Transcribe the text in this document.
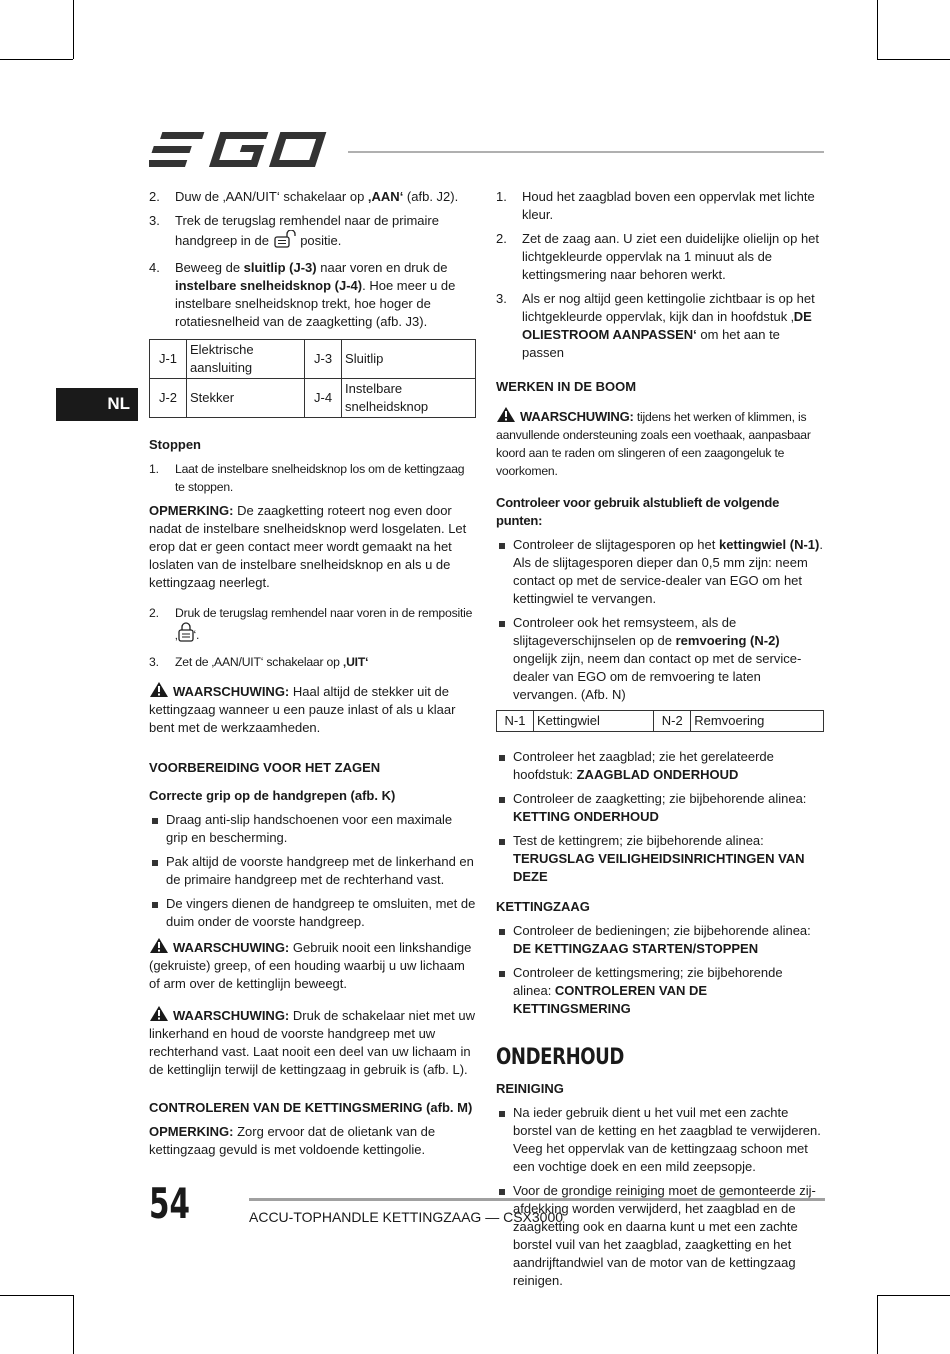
NL
2. Duw de ‚AAN/UIT‘ schakelaar op ‚AAN‘ (afb. J2).
3. Trek de terugslag remhendel naar de primaire handgreep in de  positie.
4. Beweeg de sluitlip (J-3) naar voren en druk de instelbare snelheidsknop (J-4). Hoe meer u de instelbare snelheidsknop trekt, hoe hoger de rotatiesnelheid van de zaagketting (afb. J3).
J-1	Elektrische aansluiting	J-3	Sluitlip
J-2	Stekker	J-4	Instelbare snelheidsknop
Stoppen
1. Laat de instelbare snelheidsknop los om de kettingzaag te stoppen.
OPMERKING: De zaagketting roteert nog even door nadat de instelbare snelheidsknop werd losgelaten. Let erop dat er geen contact meer wordt gemaakt na het loslaten van de instelbare snelheidsknop en als u de kettingzaag neerlegt.
2. Druk de terugslag remhendel naar voren in de rempositie ‚ ‘.
3. Zet de ‚AAN/UIT‘ schakelaar op ‚UIT‘
WAARSCHUWING: Haal altijd de stekker uit de kettingzaag wanneer u een pauze inlast of als u klaar bent met de werkzaamheden.
VOORBEREIDING VOOR HET ZAGEN
Correcte grip op de handgrepen (afb. K)
Draag anti-slip handschoenen voor een maximale grip en bescherming.
Pak altijd de voorste handgreep met de linkerhand en de primaire handgreep met de rechterhand vast.
De vingers dienen de handgreep te omsluiten, met de duim onder de voorste handgreep.
WAARSCHUWING: Gebruik nooit een linkshandige (gekruiste) greep, of een houding waarbij u uw lichaam of arm over de kettinglijn beweegt.
WAARSCHUWING: Druk de schakelaar niet met uw linkerhand en houd de voorste handgreep met uw rechterhand vast. Laat nooit een deel van uw lichaam in de kettinglijn terwijl de kettingzaag in gebruik is (afb. L).
CONTROLEREN VAN DE KETTINGSMERING (afb. M)
OPMERKING: Zorg ervoor dat de olietank van de kettingzaag gevuld is met voldoende kettingolie.
1. Houd het zaagblad boven een oppervlak met lichte kleur.
2. Zet de zaag aan. U ziet een duidelijke olielijn op het lichtgekleurde oppervlak na 1 minuut als de kettingsmering naar behoren werkt.
3. Als er nog altijd geen kettingolie zichtbaar is op het lichtgekleurde oppervlak, kijk dan in hoofdstuk ‚DE OLIESTROOM AANPASSEN‘ om het aan te passen
WERKEN IN DE BOOM
WAARSCHUWING: tijdens het werken of klimmen, is aanvullende ondersteuning zoals een voethaak, aanpasbaar koord aan te raden om slingeren of een zaagongeluk te voorkomen.
Controleer voor gebruik alstublieft de volgende punten:
Controleer de slijtagesporen op het kettingwiel (N-1). Als de slijtagesporen dieper dan 0,5 mm zijn: neem contact op met de service-dealer van EGO om het kettingwiel te vervangen.
Controleer ook het remsysteem, als de slijtageverschijnselen op de remvoering (N-2) ongelijk zijn, neem dan contact op met de service-dealer van EGO om de remvoering te laten vervangen. (Afb. N)
N-1	Kettingwiel	N-2	Remvoering
Controleer het zaagblad; zie het gerelateerde hoofdstuk: ZAAGBLAD ONDERHOUD
Controleer de zaagketting; zie bijbehorende alinea: KETTING ONDERHOUD
Test de kettingrem; zie bijbehorende alinea: TERUGSLAG VEILIGHEIDSINRICHTINGEN VAN DEZE
KETTINGZAAG
Controleer de bedieningen; zie bijbehorende alinea: DE KETTINGZAAG STARTEN/STOPPEN
Controleer de kettingsmering; zie bijbehorende alinea: CONTROLEREN VAN DE KETTINGSMERING
ONDERHOUD
REINIGING
Na ieder gebruik dient u het vuil met een zachte borstel van de ketting en het zaagblad te verwijderen. Veeg het oppervlak van de kettingzaag schoon met een vochtige doek en een mild zeepsopje.
Voor de grondige reiniging moet de gemonteerde zij-afdekking worden verwijderd, het zaagblad en de zaagketting ook en daarna kunt u met een zachte borstel vuil van het zaagblad, zaagketting en het aandrijftandwiel van de motor van de kettingzaag reinigen.
54	ACCU-TOPHANDLE KETTINGZAAG — CSX3000
